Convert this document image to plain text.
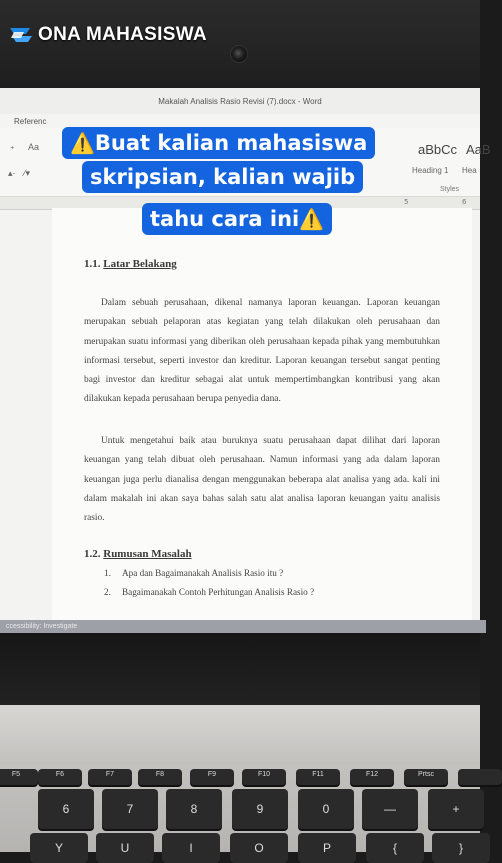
Makalah Analisis Rasio Revisi (7).docx - Word
Referenc
⁺ Aa
▴· ⁄▾
aBbCc AaB
Heading 1 Hea
Styles
5	6
ccessibility: Investigate
1.1. Latar Belakang
Dalam sebuah perusahaan, dikenal namanya laporan keuangan. Laporan keuangan merupakan sebuah pelaporan atas kegiatan yang telah dilakukan oleh perusahaan dan merupakan suatu informasi yang diberikan oleh perusahaan kepada pihak yang membutuhkan informasi tersebut, seperti investor dan kreditur. Laporan keuangan tersebut sangat penting bagi investor dan kreditur sebagai alat untuk mempertimbangkan kontribusi yang akan dilakukan kepada perusahaan berupa penyedia dana.
Untuk mengetahui baik atau buruknya suatu perusahaan dapat dilihat dari laporan keuangan yang telah dibuat oleh perusahaan. Namun informasi yang ada dalam laporan keuangan juga perlu dianalisa dengan menggunakan beberapa alat analisa yang ada. kali ini dalam makalah ini akan saya bahas salah satu alat analisa laporan keuangan yaitu analisis rasio.
1.2. Rumusan Masalah
1. Apa dan Bagaimanakah Analisis Rasio itu ?
2. Bagaimanakah Contoh Perhitungan Analisis Rasio ?
F5	F6	F7	F8	F9	F10	F11	F12	Prtsc
6	7	8	9	0	—	+
Y	U	I	O	P	{	}
ONA MAHASISWA
⚠️Buat kalian mahasiswa
skripsian, kalian wajib
tahu cara ini⚠️
